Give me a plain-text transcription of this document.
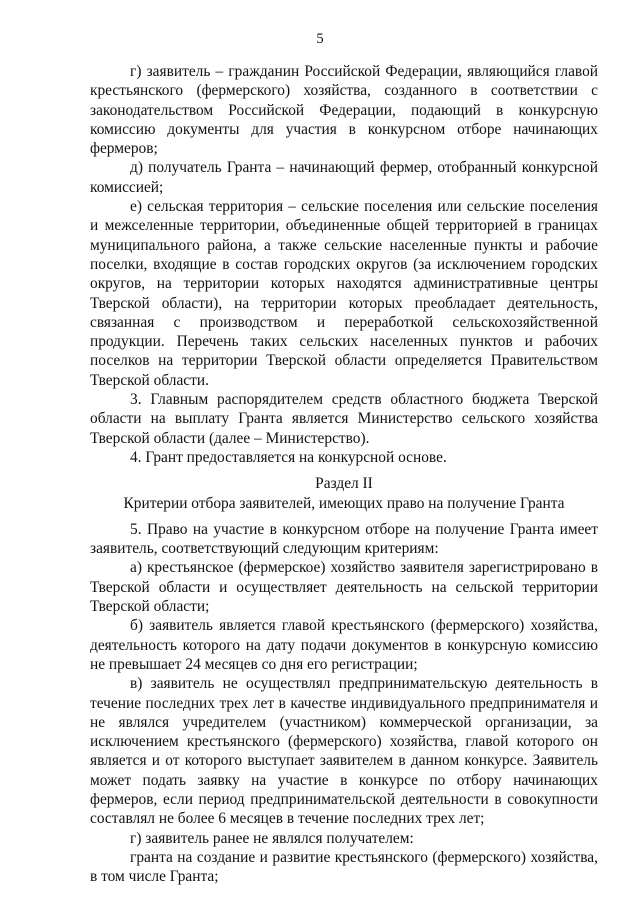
5

г) заявитель – гражданин Российской Федерации, являющийся главой крестьянского (фермерского) хозяйства, созданного в соответствии с законодательством Российской Федерации, подающий в конкурсную комиссию документы для участия в конкурсном отборе начинающих фермеров;

д) получатель Гранта – начинающий фермер, отобранный конкурсной комиссией;

е) сельская территория – сельские поселения или сельские поселения и межселенные территории, объединенные общей территорией в границах муниципального района, а также сельские населенные пункты и рабочие поселки, входящие в состав городских округов (за исключением городских округов, на территории которых находятся административные центры Тверской области), на территории которых преобладает деятельность, связанная с производством и переработкой сельскохозяйственной продукции. Перечень таких сельских населенных пунктов и рабочих поселков на территории Тверской области определяется Правительством Тверской области.

3. Главным распорядителем средств областного бюджета Тверской области на выплату Гранта является Министерство сельского хозяйства Тверской области (далее – Министерство).

4. Грант предоставляется на конкурсной основе.

Раздел II

Критерии отбора заявителей, имеющих право на получение Гранта

5. Право на участие в конкурсном отборе на получение Гранта имеет заявитель, соответствующий следующим критериям:

а) крестьянское (фермерское) хозяйство заявителя зарегистрировано в Тверской области и осуществляет деятельность на сельской территории Тверской области;

б) заявитель является главой крестьянского (фермерского) хозяйства, деятельность которого на дату подачи документов в конкурсную комиссию не превышает 24 месяцев со дня его регистрации;

в) заявитель не осуществлял предпринимательскую деятельность в течение последних трех лет в качестве индивидуального предпринимателя и не являлся учредителем (участником) коммерческой организации, за исключением крестьянского (фермерского) хозяйства, главой которого он является и от которого выступает заявителем в данном конкурсе. Заявитель может подать заявку на участие в конкурсе по отбору начинающих фермеров, если период предпринимательской деятельности в совокупности составлял не более 6 месяцев в течение последних трех лет;

г) заявитель ранее не являлся получателем:

гранта на создание и развитие крестьянского (фермерского) хозяйства, в том числе Гранта;
